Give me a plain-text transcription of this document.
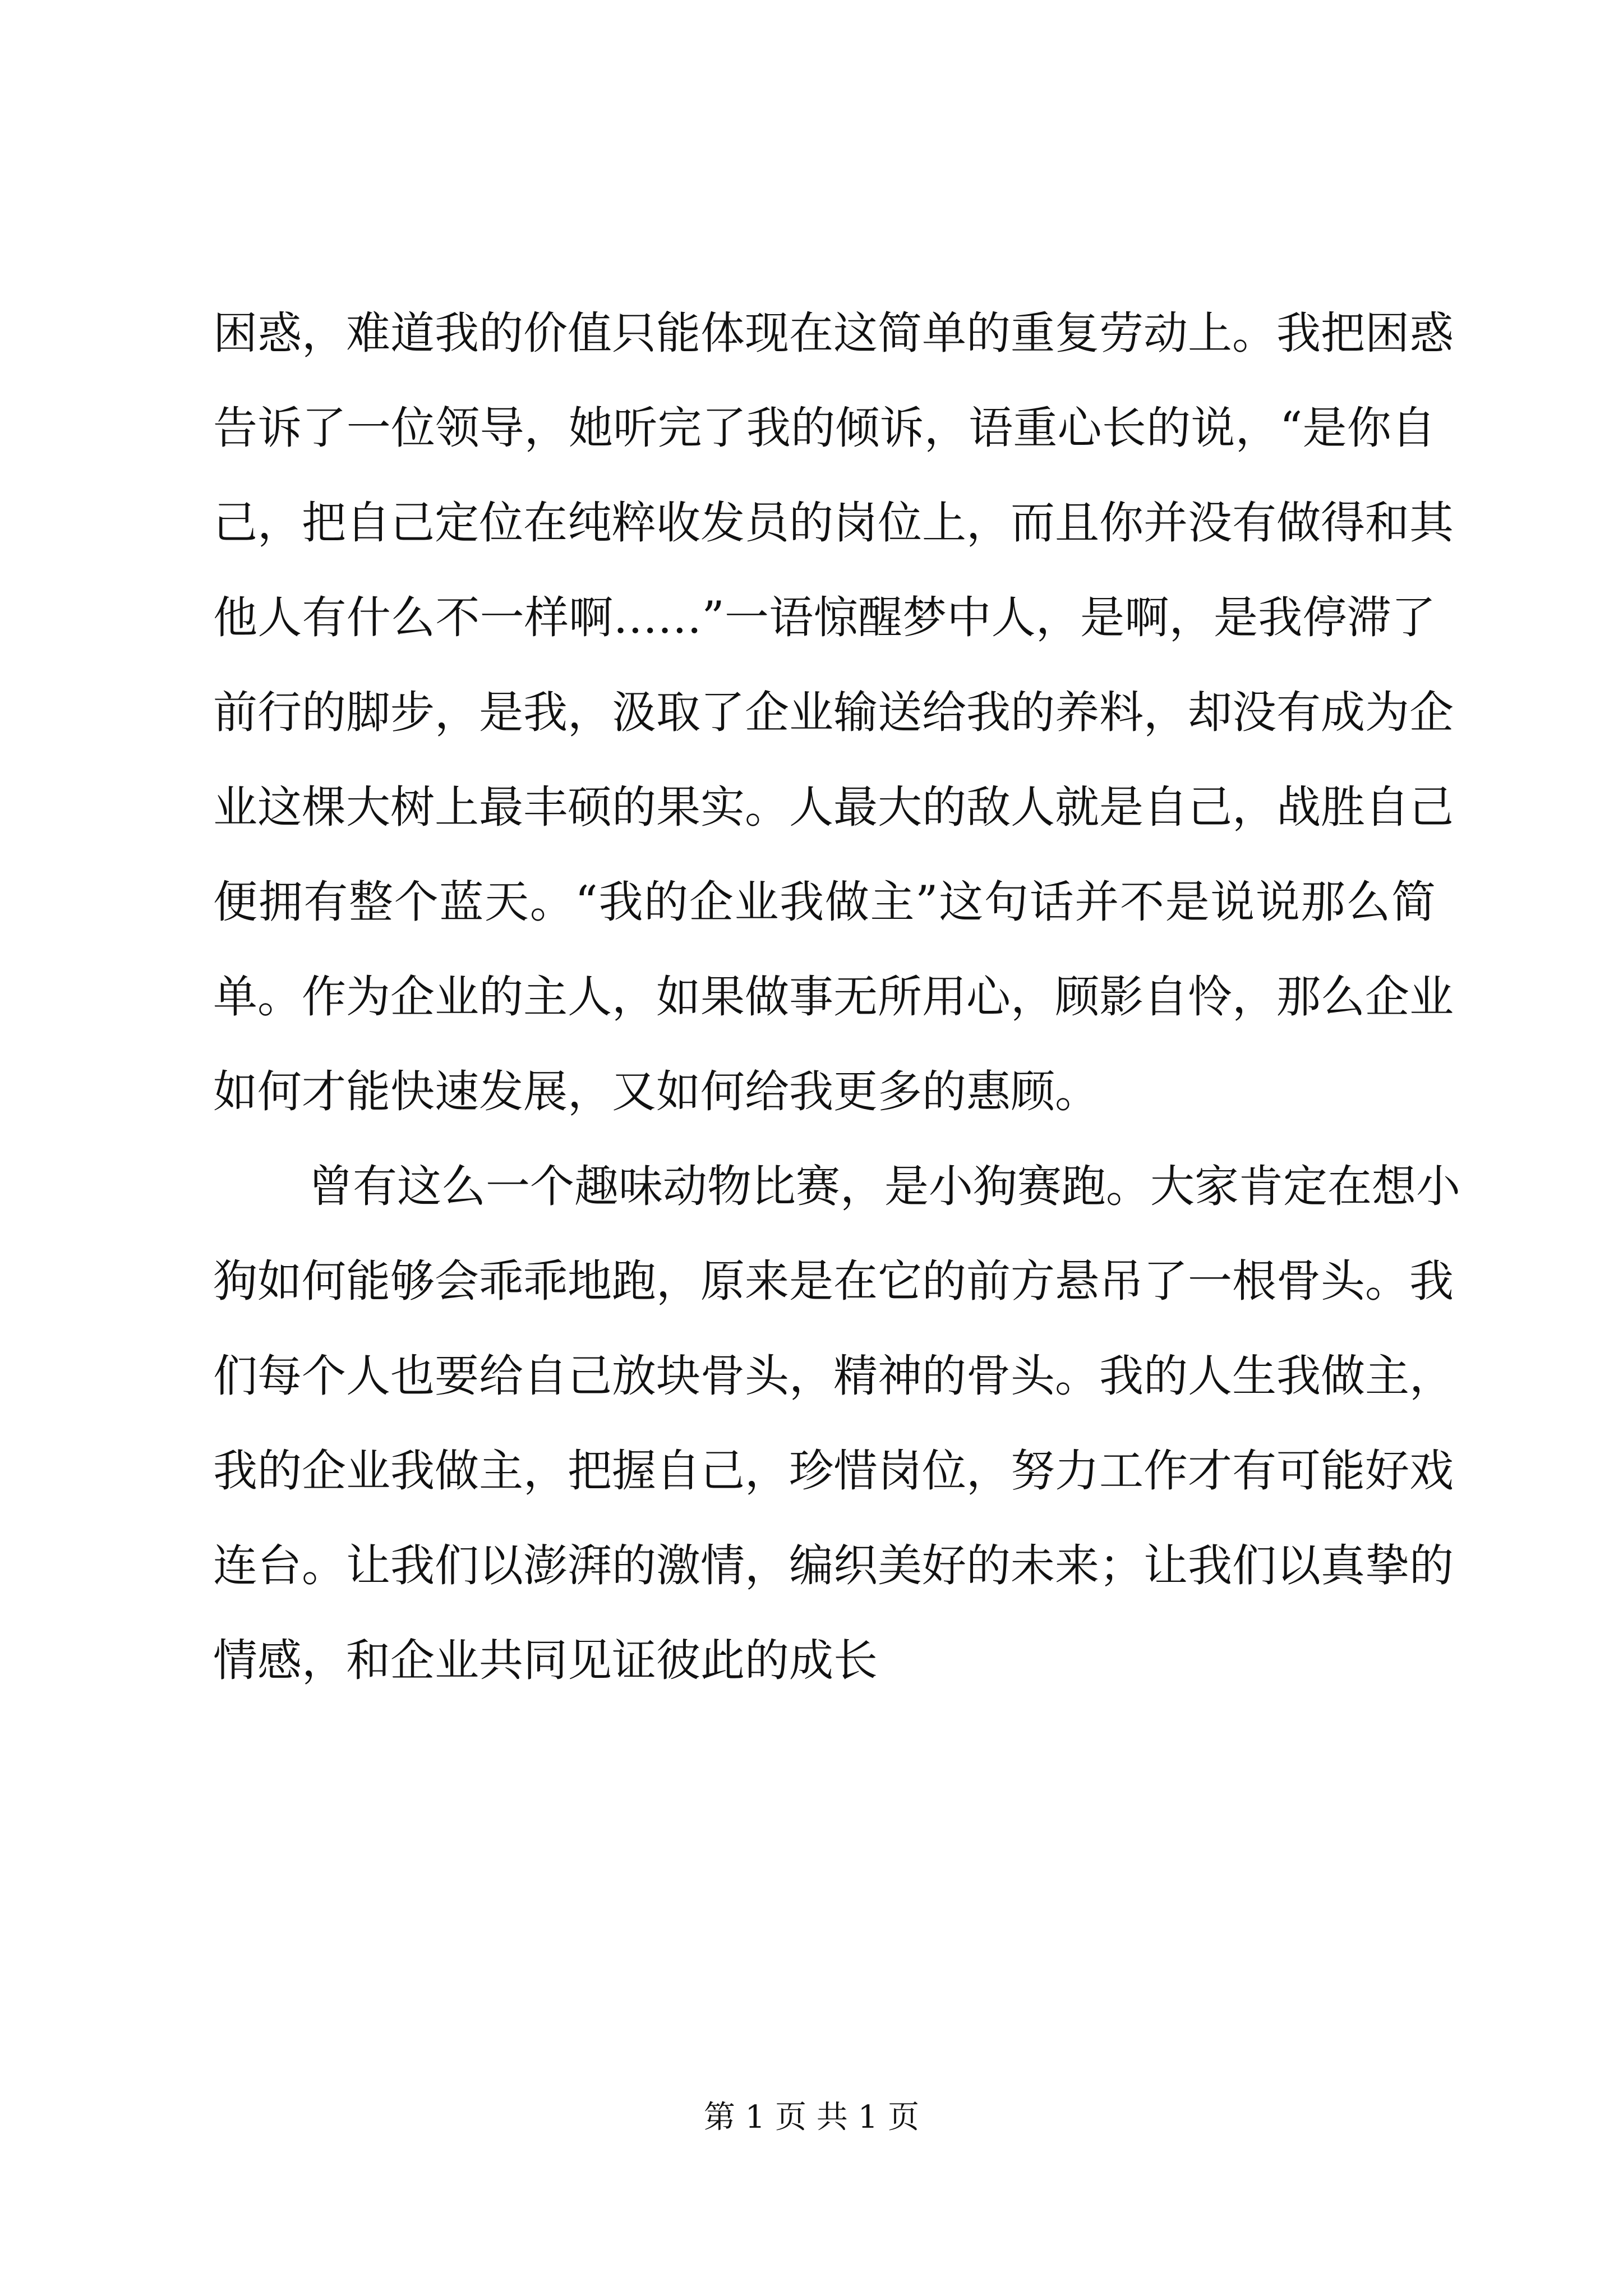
困惑，难道我的价值只能体现在这简单的重复劳动上。我把困惑
告诉了一位领导，她听完了我的倾诉，语重心长的说，“是你自
己，把自己定位在纯粹收发员的岗位上，而且你并没有做得和其
他人有什么不一样啊……”一语惊醒梦中人，是啊，是我停滞了
前行的脚步，是我，汲取了企业输送给我的养料，却没有成为企
业这棵大树上最丰硕的果实。人最大的敌人就是自己，战胜自己
便拥有整个蓝天。“我的企业我做主”这句话并不是说说那么简
单。作为企业的主人，如果做事无所用心，顾影自怜，那么企业
如何才能快速发展，又如何给我更多的惠顾。
曾有这么一个趣味动物比赛，是小狗赛跑。大家肯定在想小
狗如何能够会乖乖地跑，原来是在它的前方悬吊了一根骨头。我
们每个人也要给自己放块骨头，精神的骨头。我的人生我做主，
我的企业我做主，把握自己，珍惜岗位，努力工作才有可能好戏
连台。让我们以澎湃的激情，编织美好的未来；让我们以真挚的
情感，和企业共同见证彼此的成长
第 1 页 共 1 页
